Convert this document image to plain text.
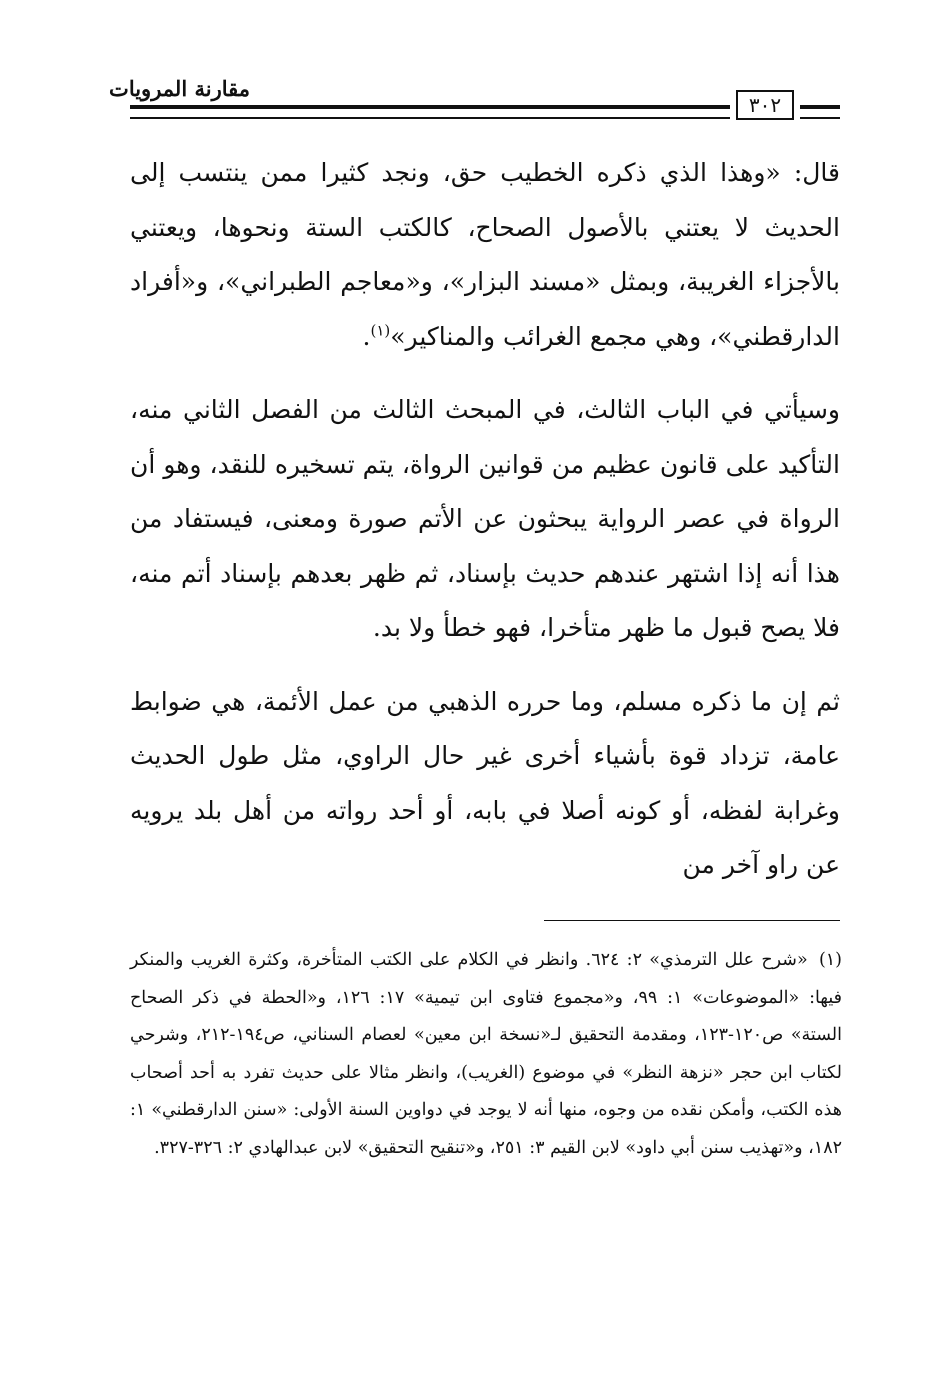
مقارنة المرويات
٣٠٢

قال: «وهذا الذي ذكره الخطيب حق، ونجد كثيرا ممن ينتسب إلى الحديث لا يعتني بالأصول الصحاح، كالكتب الستة ونحوها، ويعتني بالأجزاء الغريبة، وبمثل «مسند البزار»، و«معاجم الطبراني»، و«أفراد الدارقطني»، وهي مجمع الغرائب والمناكير»$^{(١)}$.

وسيأتي في الباب الثالث، في المبحث الثالث من الفصل الثاني منه، التأكيد على قانون عظيم من قوانين الرواة، يتم تسخيره للنقد، وهو أن الرواة في عصر الرواية يبحثون عن الأتم صورة ومعنى، فيستفاد من هذا أنه إذا اشتهر عندهم حديث بإسناد، ثم ظهر بعدهم بإسناد أتم منه، فلا يصح قبول ما ظهر متأخرا، فهو خطأ ولا بد.

ثم إن ما ذكره مسلم، وما حرره الذهبي من عمل الأئمة، هي ضوابط عامة، تزداد قوة بأشياء أخرى غير حال الراوي، مثل طول الحديث وغرابة لفظه، أو كونه أصلا في بابه، أو أحد رواته من أهل بلد يرويه عن راو آخر من

(١) «شرح علل الترمذي» ٢: ٦٢٤. وانظر في الكلام على الكتب المتأخرة، وكثرة الغريب والمنكر فيها: «الموضوعات» ١: ٩٩، و«مجموع فتاوى ابن تيمية» ١٧: ١٢٦، و«الحطة في ذكر الصحاح الستة» ص١٢٠-١٢٣، ومقدمة التحقيق لـ«نسخة ابن معين» لعصام السناني، ص١٩٤-٢١٢، وشرحي لكتاب ابن حجر «نزهة النظر» في موضوع (الغريب)، وانظر مثالا على حديث تفرد به أحد أصحاب هذه الكتب، وأمكن نقده من وجوه، منها أنه لا يوجد في دواوين السنة الأولى: «سنن الدارقطني» ١: ١٨٢، و«تهذيب سنن أبي داود» لابن القيم ٣: ٢٥١، و«تنقيح التحقيق» لابن عبدالهادي ٢: ٣٢٦-٣٢٧.
